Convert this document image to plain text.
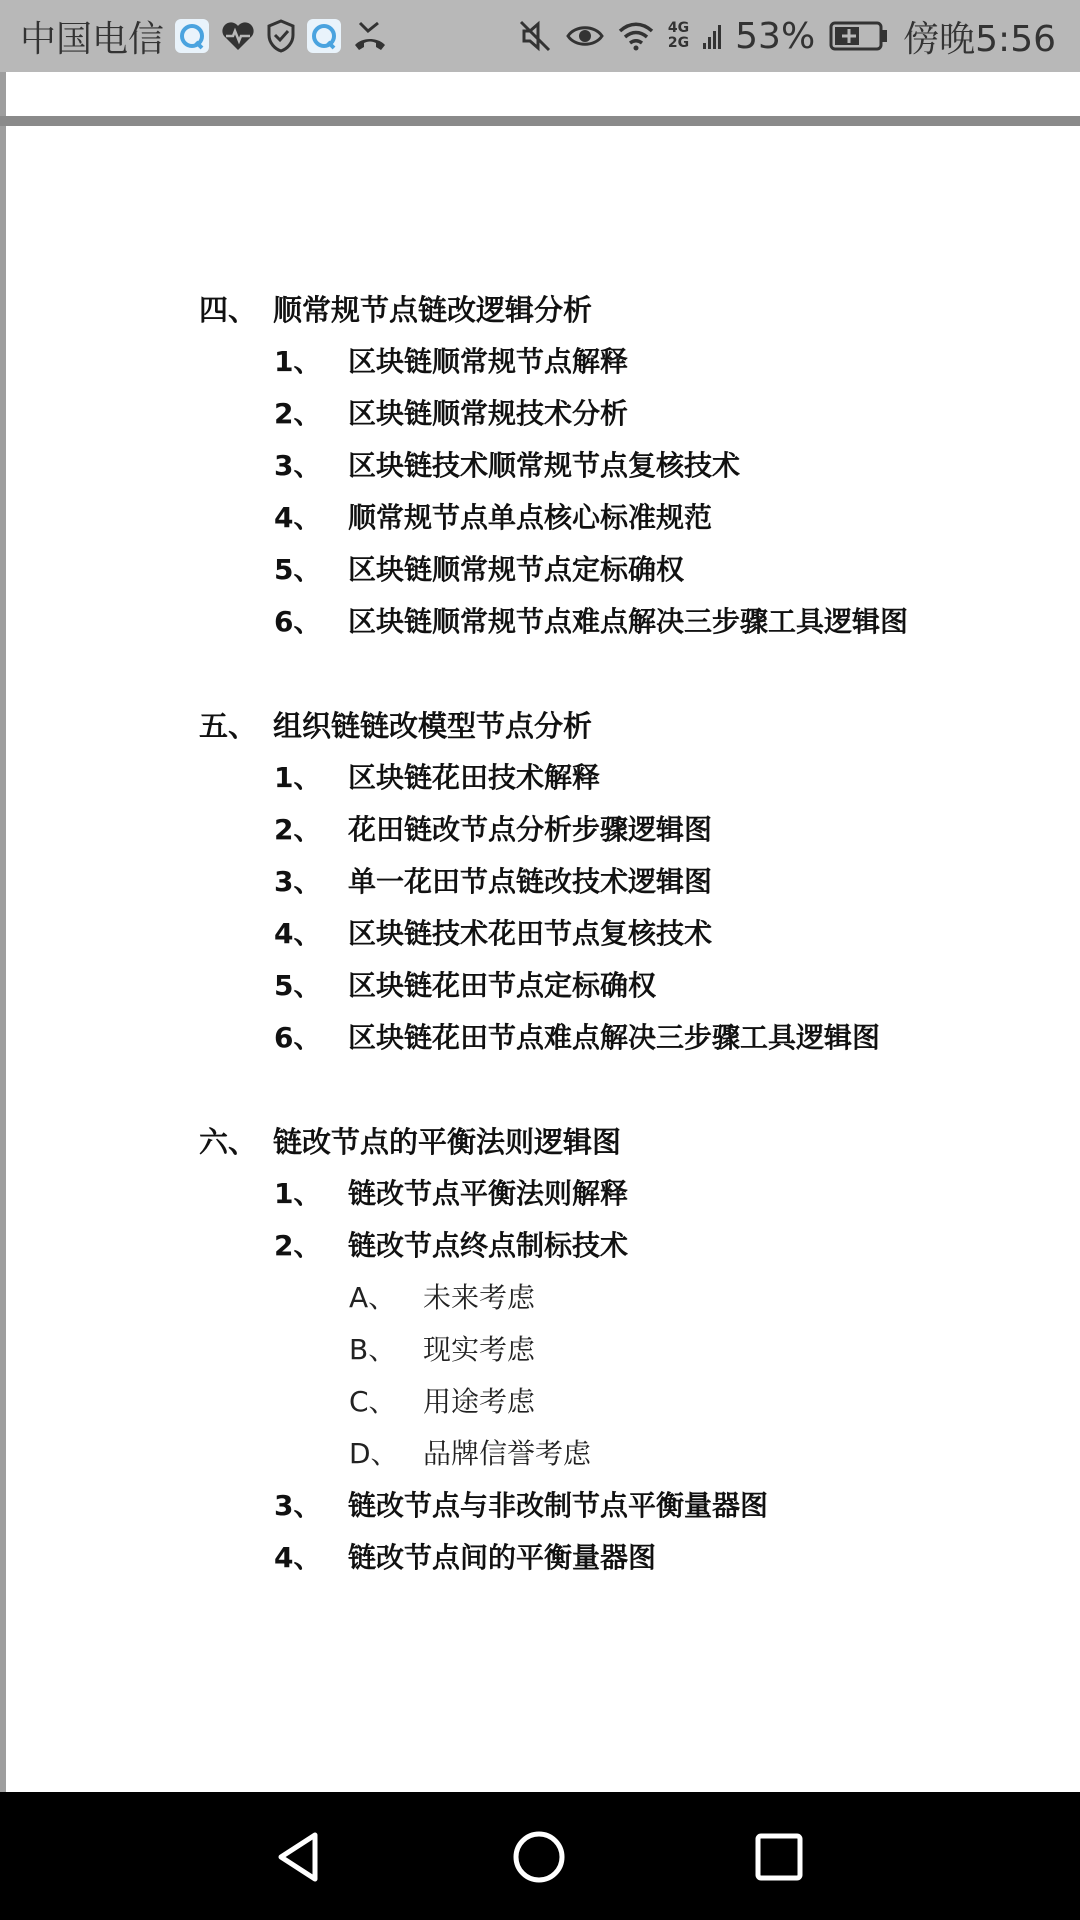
中国电信	4G
2G 53% 傍晚5:56
四、 顺常规节点链改逻辑分析
1、 区块链顺常规节点解释
2、 区块链顺常规技术分析
3、 区块链技术顺常规节点复核技术
4、 顺常规节点单点核心标准规范
5、 区块链顺常规节点定标确权
6、 区块链顺常规节点难点解决三步骤工具逻辑图
五、 组织链链改模型节点分析
1、 区块链花田技术解释
2、 花田链改节点分析步骤逻辑图
3、 单一花田节点链改技术逻辑图
4、 区块链技术花田节点复核技术
5、 区块链花田节点定标确权
6、 区块链花田节点难点解决三步骤工具逻辑图
六、 链改节点的平衡法则逻辑图
1、 链改节点平衡法则解释
2、 链改节点终点制标技术
A、 未来考虑
B、 现实考虑
C、 用途考虑
D、 品牌信誉考虑
3、 链改节点与非改制节点平衡量器图
4、 链改节点间的平衡量器图
